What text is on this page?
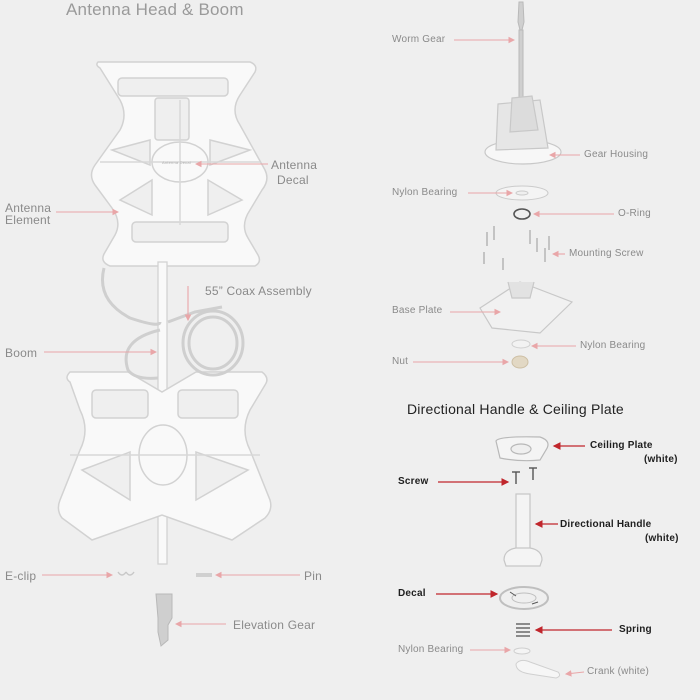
Antenna Head & Boom
Antenna Decal	Antenna
Decal
Antenna
Element
55” Coax Assembly
Boom
E-clip	Pin
Elevation Gear
Worm Gear
Gear Housing
Nylon Bearing
O-Ring
Mounting Screw
Base Plate
Nylon Bearing
Nut
Directional Handle & Ceiling Plate
Ceiling Plate
(white)
Screw
Directional Handle
(white)
Decal
Spring
Nylon Bearing
Crank (white)
